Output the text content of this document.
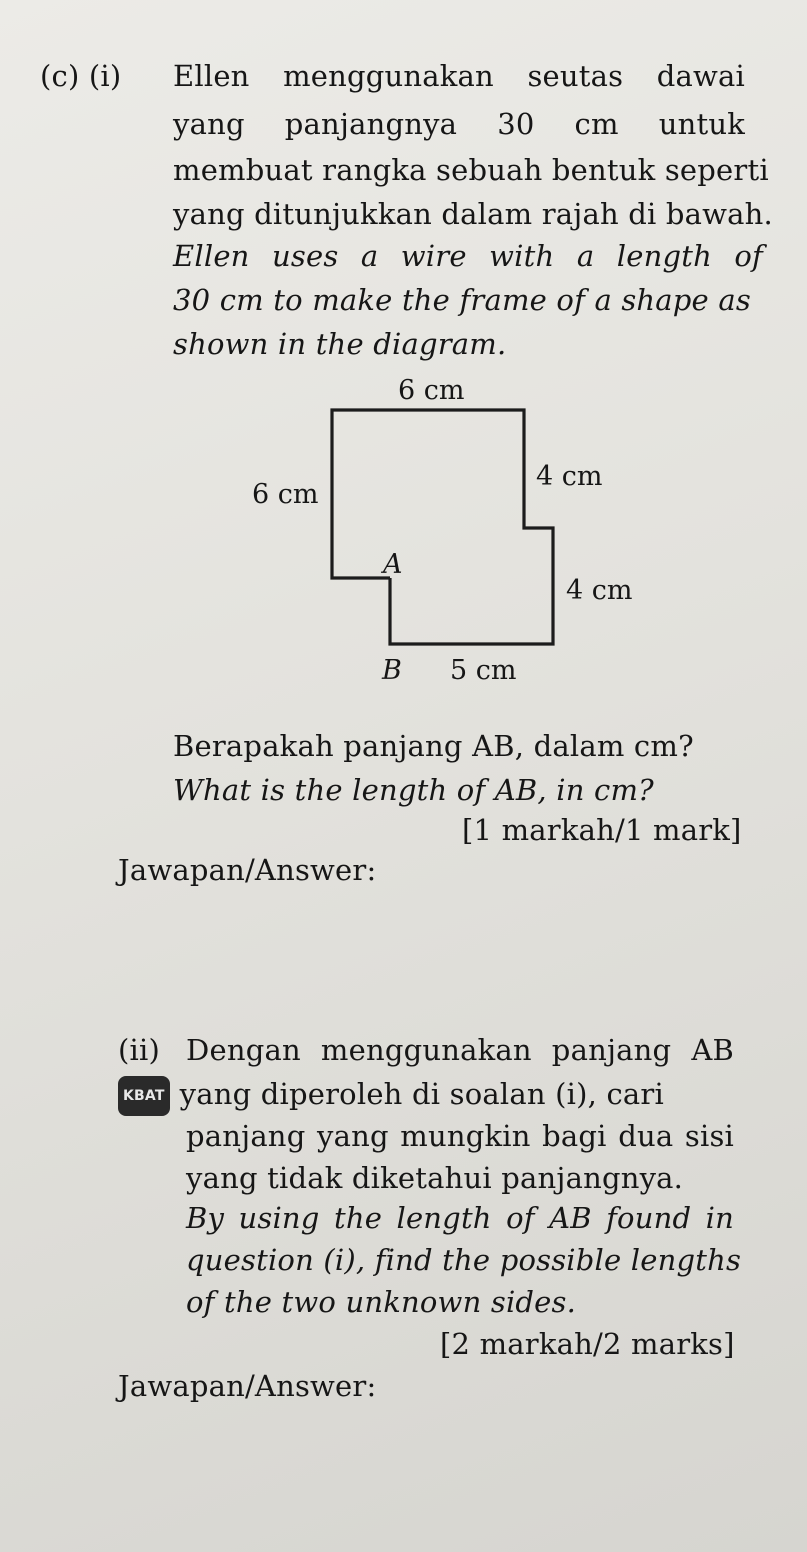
(c) (i) Ellen menggunakan seutas dawai
yang panjangnya 30 cm untuk
membuat rangka sebuah bentuk seperti
yang ditunjukkan dalam rajah di bawah.
Ellen uses a wire with a length of
30 cm to make the frame of a shape as
shown in the diagram.
6 cm
6 cm
4 cm
4 cm
5 cm
A
B
Berapakah panjang AB, dalam cm?
What is the length of AB, in cm?
[1 markah/1 mark]
Jawapan/Answer:
(ii) Dengan menggunakan panjang AB
KBAT yang diperoleh di soalan (i), cari
panjang yang mungkin bagi dua sisi
yang tidak diketahui panjangnya.
By using the length of AB found in
question (i), find the possible lengths
of the two unknown sides.
[2 markah/2 marks]
Jawapan/Answer:
